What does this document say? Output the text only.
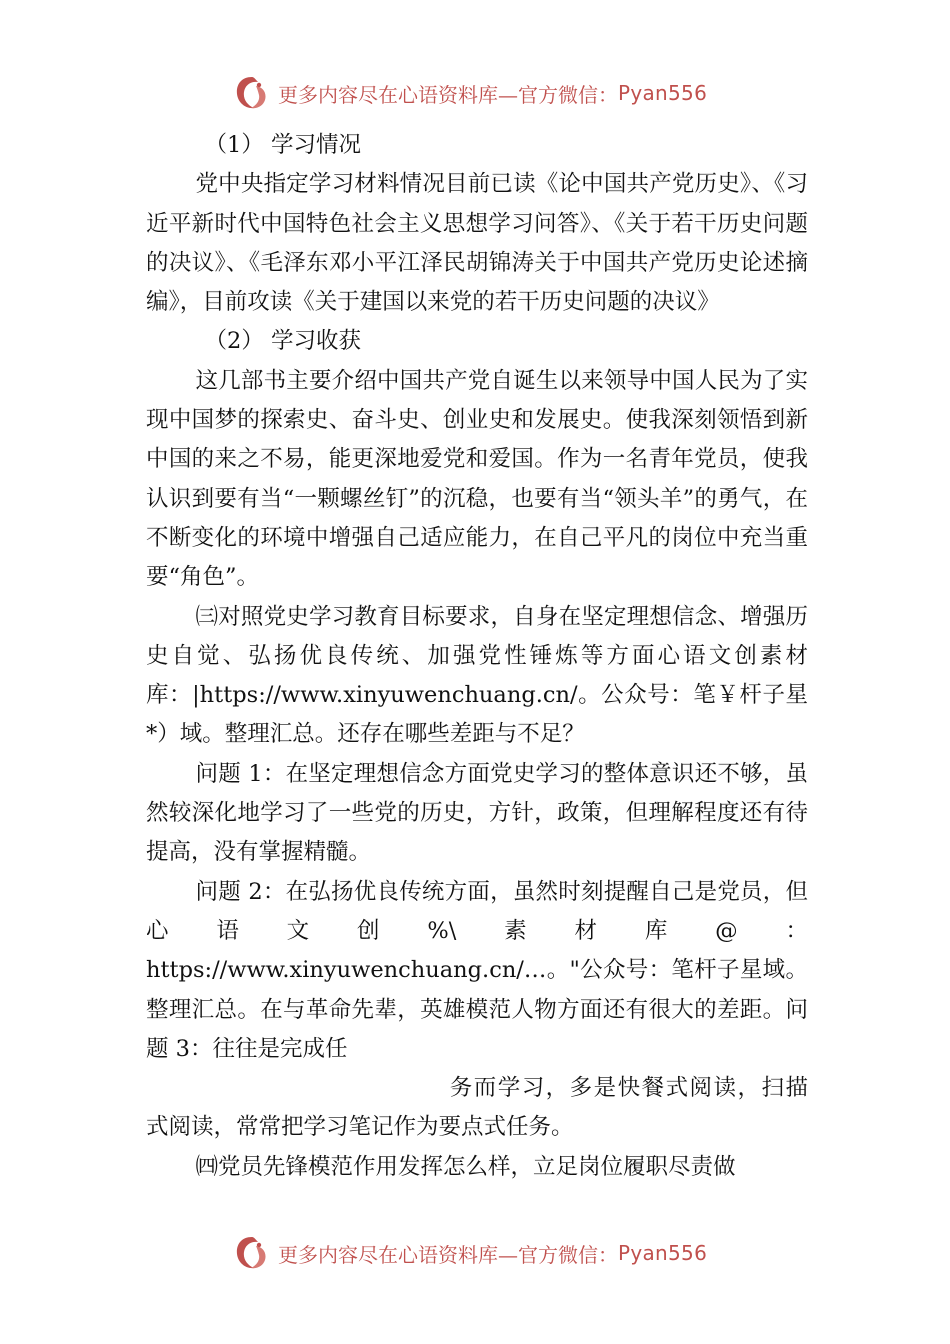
更多内容尽在心语资料库—官方微信： Pyan556

（1） 学习情况

党中央指定学习材料情况目前已读《论中国共产党历史》、《习近平新时代中国特色社会主义思想学习问答》、《关于若干历史问题的决议》、《毛泽东邓小平江泽民胡锦涛关于中国共产党历史论述摘编》，目前攻读《关于建国以来党的若干历史问题的决议》

（2） 学习收获

这几部书主要介绍中国共产党自诞生以来领导中国人民为了实现中国梦的探索史、奋斗史、创业史和发展史。使我深刻领悟到新中国的来之不易，能更深地爱党和爱国。作为一名青年党员，使我认识到要有当“一颗螺丝钉”的沉稳，也要有当“领头羊”的勇气，在不断变化的环境中增强自己适应能力，在自己平凡的岗位中充当重要“角色”。

㈢对照党史学习教育目标要求，自身在坚定理想信念、增强历史自觉、弘扬优良传统、加强党性锤炼等方面心语文创素材库：|https://www.xinyuwenchuang.cn/。公众号：笔￥杆子星*）域。整理汇总。还存在哪些差距与不足？

问题 1：在坚定理想信念方面党史学习的整体意识还不够，虽然较深化地学习了一些党的历史，方针，政策，但理解程度还有待提高，没有掌握精髓。

问题 2：在弘扬优良传统方面，虽然时刻提醒自己是党员，但心语文创%\素材库@：https://www.xinyuwenchuang.cn/…。"公众号：笔杆子星域。整理汇总。在与革命先辈，英雄模范人物方面还有很大的差距。问题 3：往往是完成任

务而学习，多是快餐式阅读，扫描式阅读，常常把学习笔记作为要点式任务。

㈣党员先锋模范作用发挥怎么样，立足岗位履职尽责做

更多内容尽在心语资料库—官方微信： Pyan556
